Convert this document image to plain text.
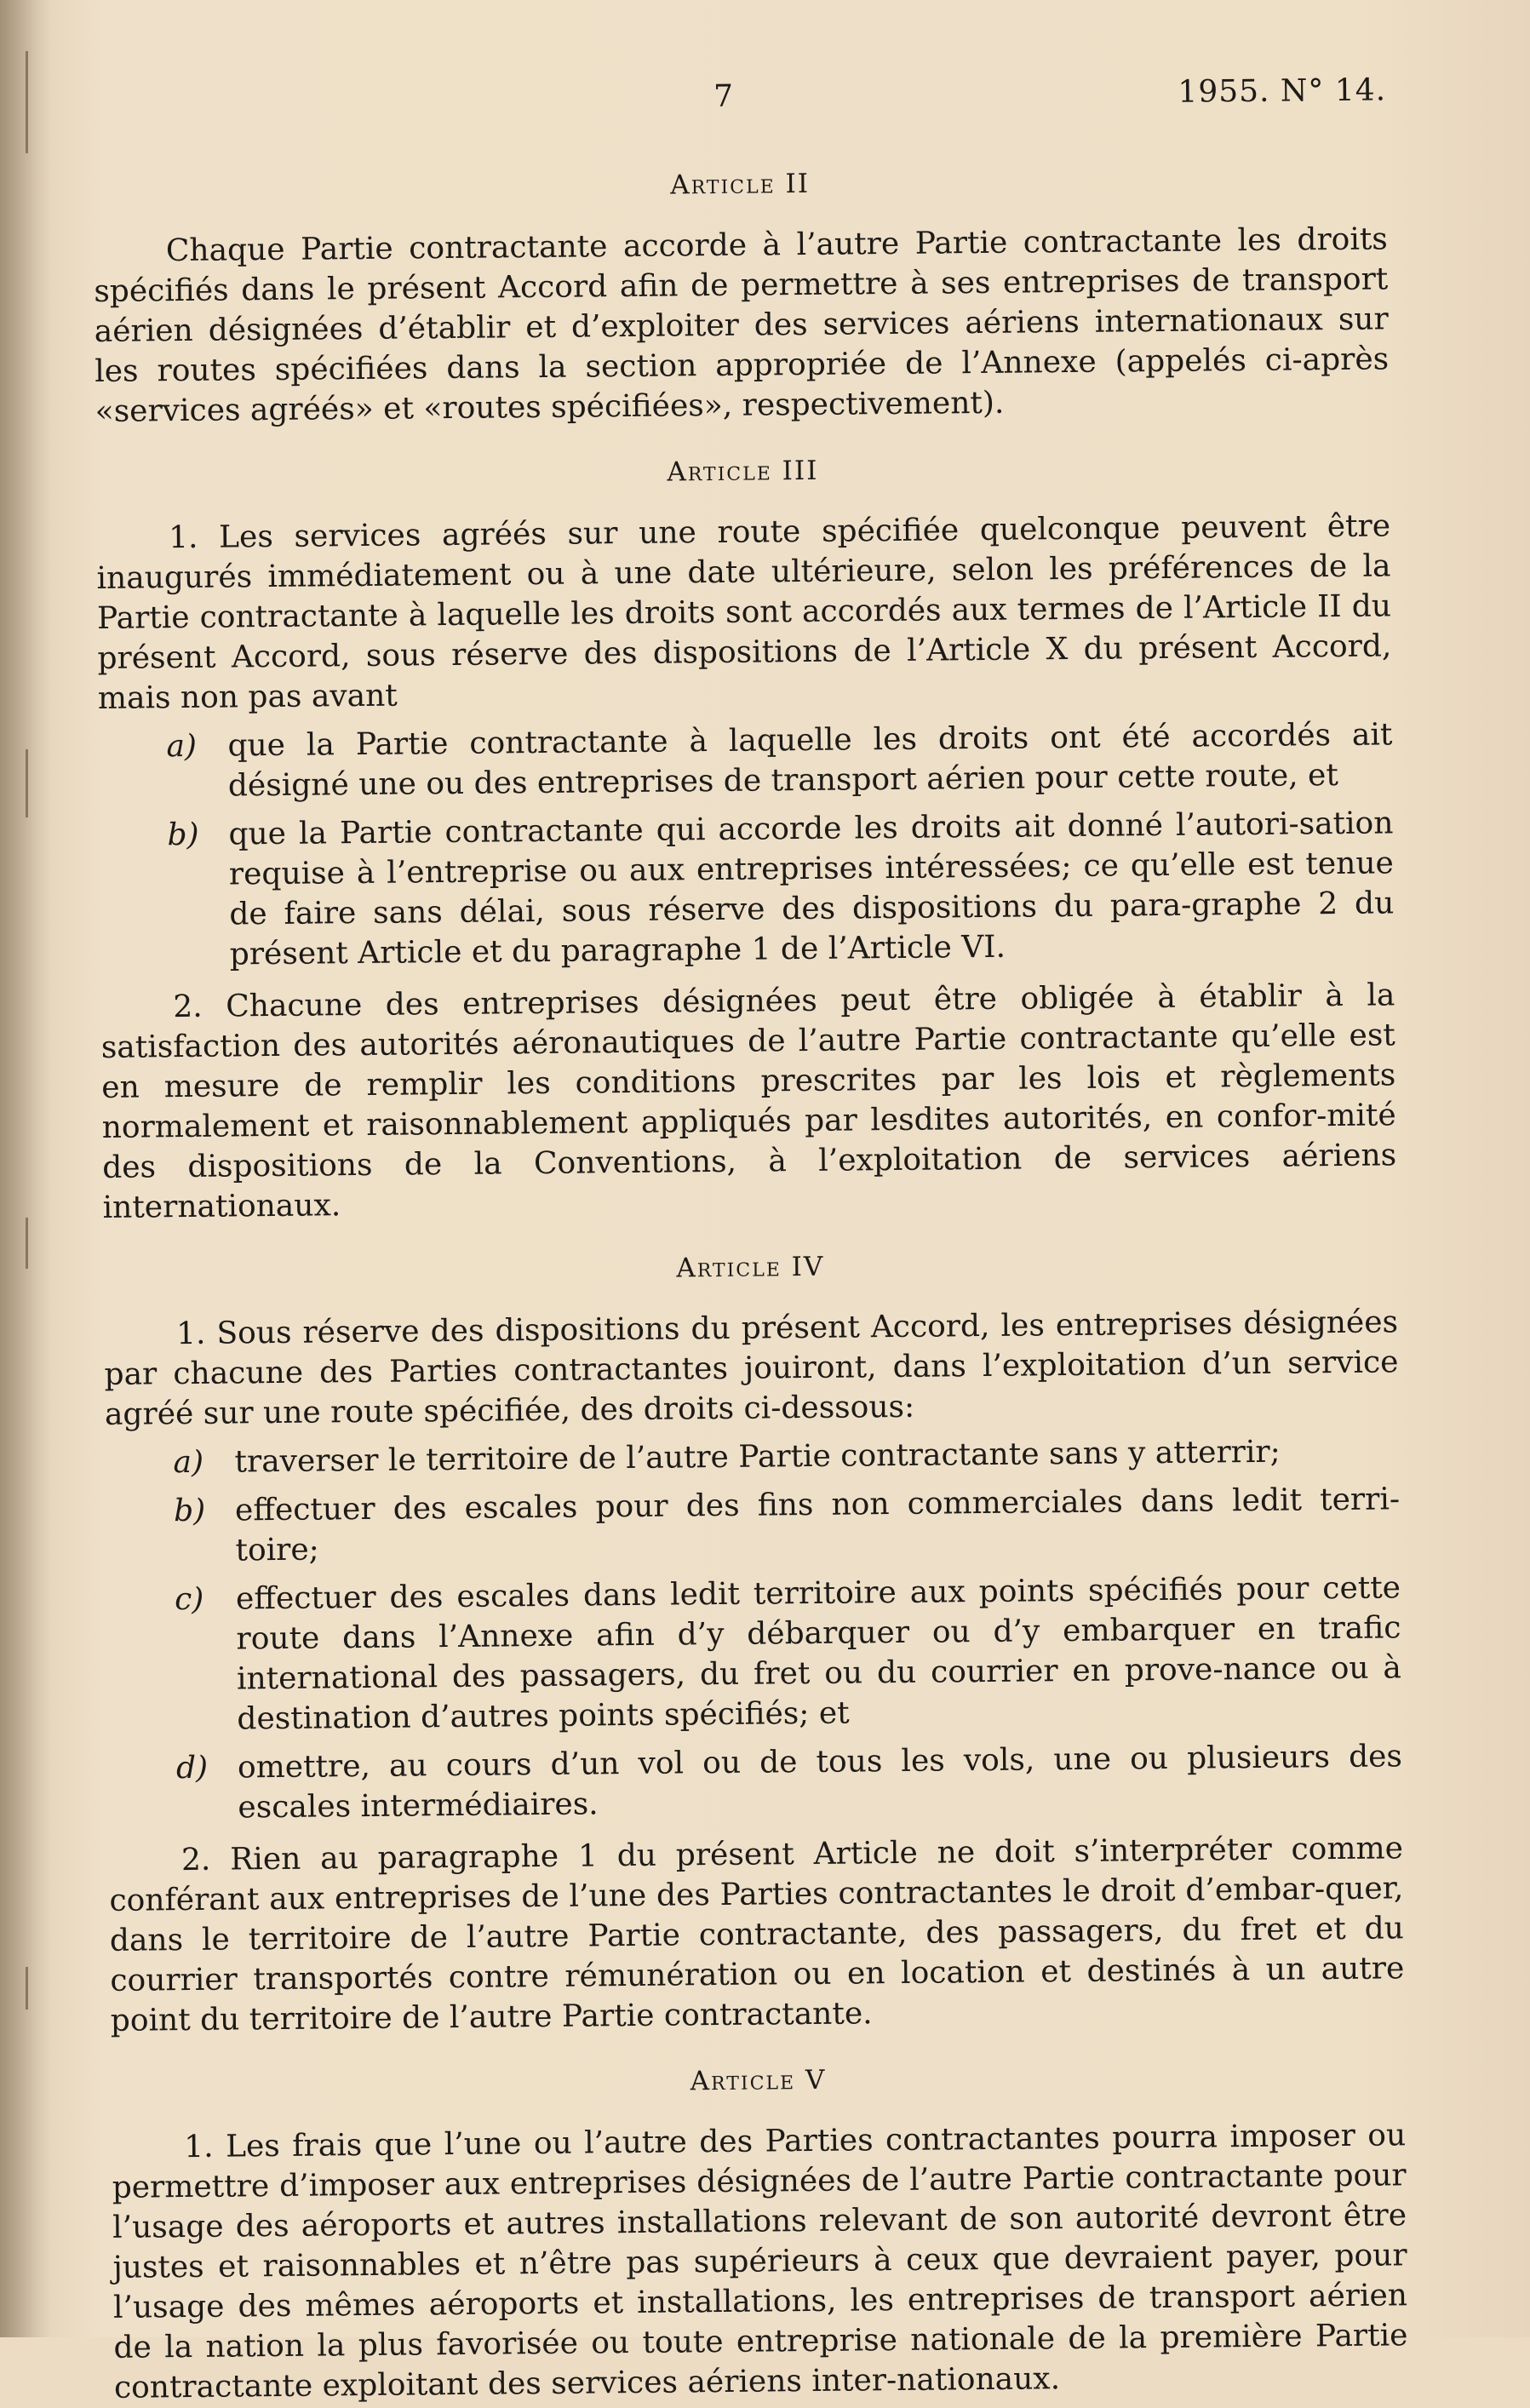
7	1955. N° 14.
Article II

Chaque Partie contractante accorde à l’autre Partie contractante les droits spécifiés dans le présent Accord afin de permettre à ses entreprises de transport aérien désignées d’établir et d’exploiter des services aériens internationaux sur les routes spécifiées dans la section appropriée de l’Annexe (appelés ci-après «services agréés» et «routes spécifiées», respectivement).

Article III

1. Les services agréés sur une route spécifiée quelconque peuvent être inaugurés immédiatement ou à une date ultérieure, selon les préférences de la Partie contractante à laquelle les droits sont accordés aux termes de l’Article II du présent Accord, sous réserve des dispositions de l’Article X du présent Accord, mais non pas avant

a) que la Partie contractante à laquelle les droits ont été accordés ait désigné une ou des entreprises de transport aérien pour cette route, et
b) que la Partie contractante qui accorde les droits ait donné l’autori-sation requise à l’entreprise ou aux entreprises intéressées; ce qu’elle est tenue de faire sans délai, sous réserve des dispositions du para-graphe 2 du présent Article et du paragraphe 1 de l’Article VI.

2. Chacune des entreprises désignées peut être obligée à établir à la satisfaction des autorités aéronautiques de l’autre Partie contractante qu’elle est en mesure de remplir les conditions prescrites par les lois et règlements normalement et raisonnablement appliqués par lesdites autorités, en confor-mité des dispositions de la Conventions, à l’exploitation de services aériens internationaux.

Article IV

1. Sous réserve des dispositions du présent Accord, les entreprises désignées par chacune des Parties contractantes jouiront, dans l’exploitation d’un service agréé sur une route spécifiée, des droits ci-dessous:

a) traverser le territoire de l’autre Partie contractante sans y atterrir;
b) effectuer des escales pour des fins non commerciales dans ledit terri-toire;
c) effectuer des escales dans ledit territoire aux points spécifiés pour cette route dans l’Annexe afin d’y débarquer ou d’y embarquer en trafic international des passagers, du fret ou du courrier en prove-nance ou à destination d’autres points spécifiés; et
d) omettre, au cours d’un vol ou de tous les vols, une ou plusieurs des escales intermédiaires.

2. Rien au paragraphe 1 du présent Article ne doit s’interpréter comme conférant aux entreprises de l’une des Parties contractantes le droit d’embar-quer, dans le territoire de l’autre Partie contractante, des passagers, du fret et du courrier transportés contre rémunération ou en location et destinés à un autre point du territoire de l’autre Partie contractante.

Article V

1. Les frais que l’une ou l’autre des Parties contractantes pourra imposer ou permettre d’imposer aux entreprises désignées de l’autre Partie contractante pour l’usage des aéroports et autres installations relevant de son autorité devront être justes et raisonnables et n’être pas supérieurs à ceux que devraient payer, pour l’usage des mêmes aéroports et installations, les entreprises de transport aérien de la nation la plus favorisée ou toute entreprise nationale de la première Partie contractante exploitant des services aériens inter-nationaux.
